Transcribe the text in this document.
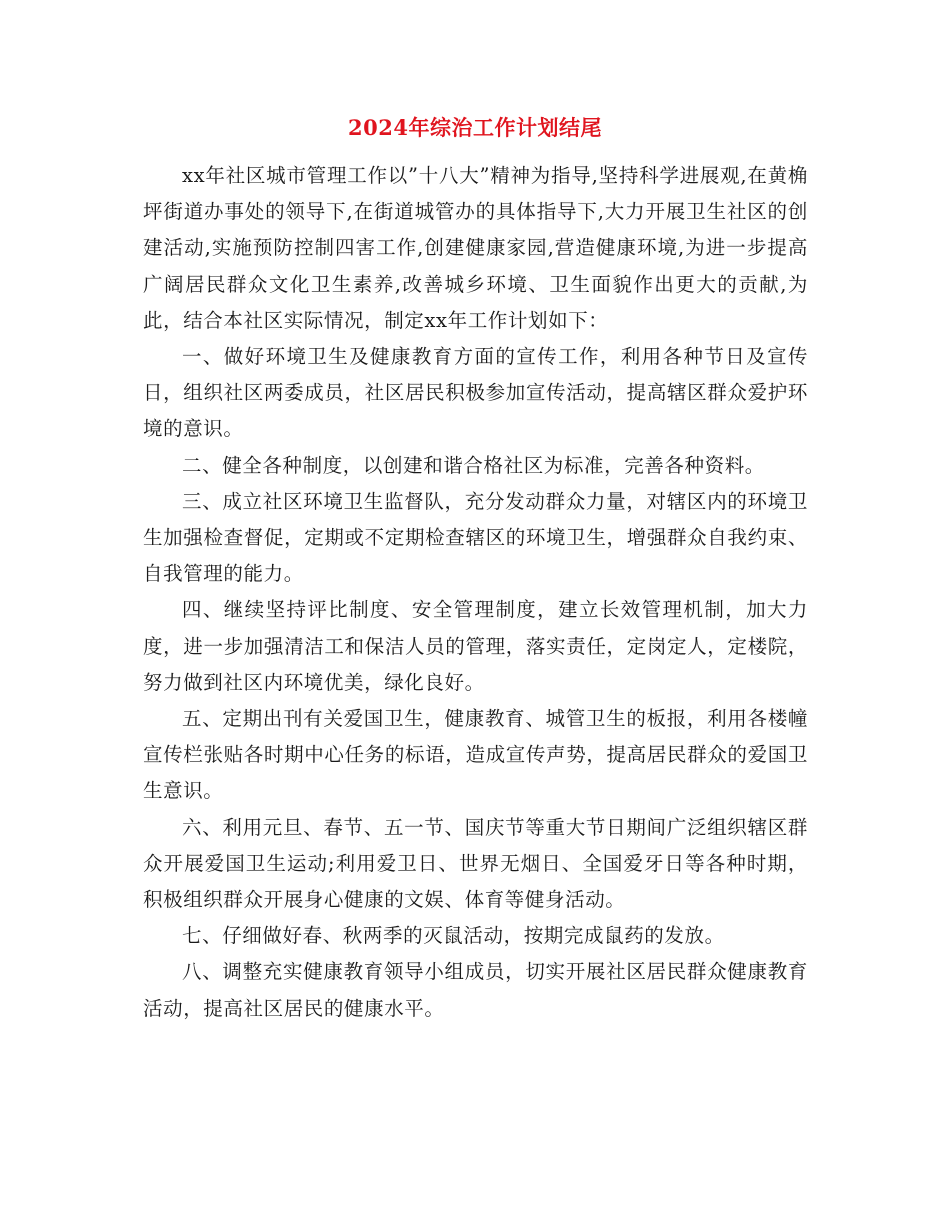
2024年综治工作计划结尾

xx年社区城市管理工作以”十八大”精神为指导,坚持科学进展观,在黄桷坪街道办事处的领导下,在街道城管办的具体指导下,大力开展卫生社区的创建活动,实施预防控制四害工作,创建健康家园,营造健康环境,为进一步提高广阔居民群众文化卫生素养,改善城乡环境、卫生面貌作出更大的贡献,为此，结合本社区实际情况，制定xx年工作计划如下：

一、做好环境卫生及健康教育方面的宣传工作，利用各种节日及宣传日，组织社区两委成员，社区居民积极参加宣传活动，提高辖区群众爱护环境的意识。

二、健全各种制度，以创建和谐合格社区为标准，完善各种资料。

三、成立社区环境卫生监督队，充分发动群众力量，对辖区内的环境卫生加强检查督促，定期或不定期检查辖区的环境卫生，增强群众自我约束、自我管理的能力。

四、继续坚持评比制度、安全管理制度，建立长效管理机制，加大力度，进一步加强清洁工和保洁人员的管理，落实责任，定岗定人，定楼院，努力做到社区内环境优美，绿化良好。

五、定期出刊有关爱国卫生，健康教育、城管卫生的板报，利用各楼幢宣传栏张贴各时期中心任务的标语，造成宣传声势，提高居民群众的爱国卫生意识。

六、利用元旦、春节、五一节、国庆节等重大节日期间广泛组织辖区群众开展爱国卫生运动;利用爱卫日、世界无烟日、全国爱牙日等各种时期，积极组织群众开展身心健康的文娱、体育等健身活动。

七、仔细做好春、秋两季的灭鼠活动，按期完成鼠药的发放。

八、调整充实健康教育领导小组成员，切实开展社区居民群众健康教育活动，提高社区居民的健康水平。
